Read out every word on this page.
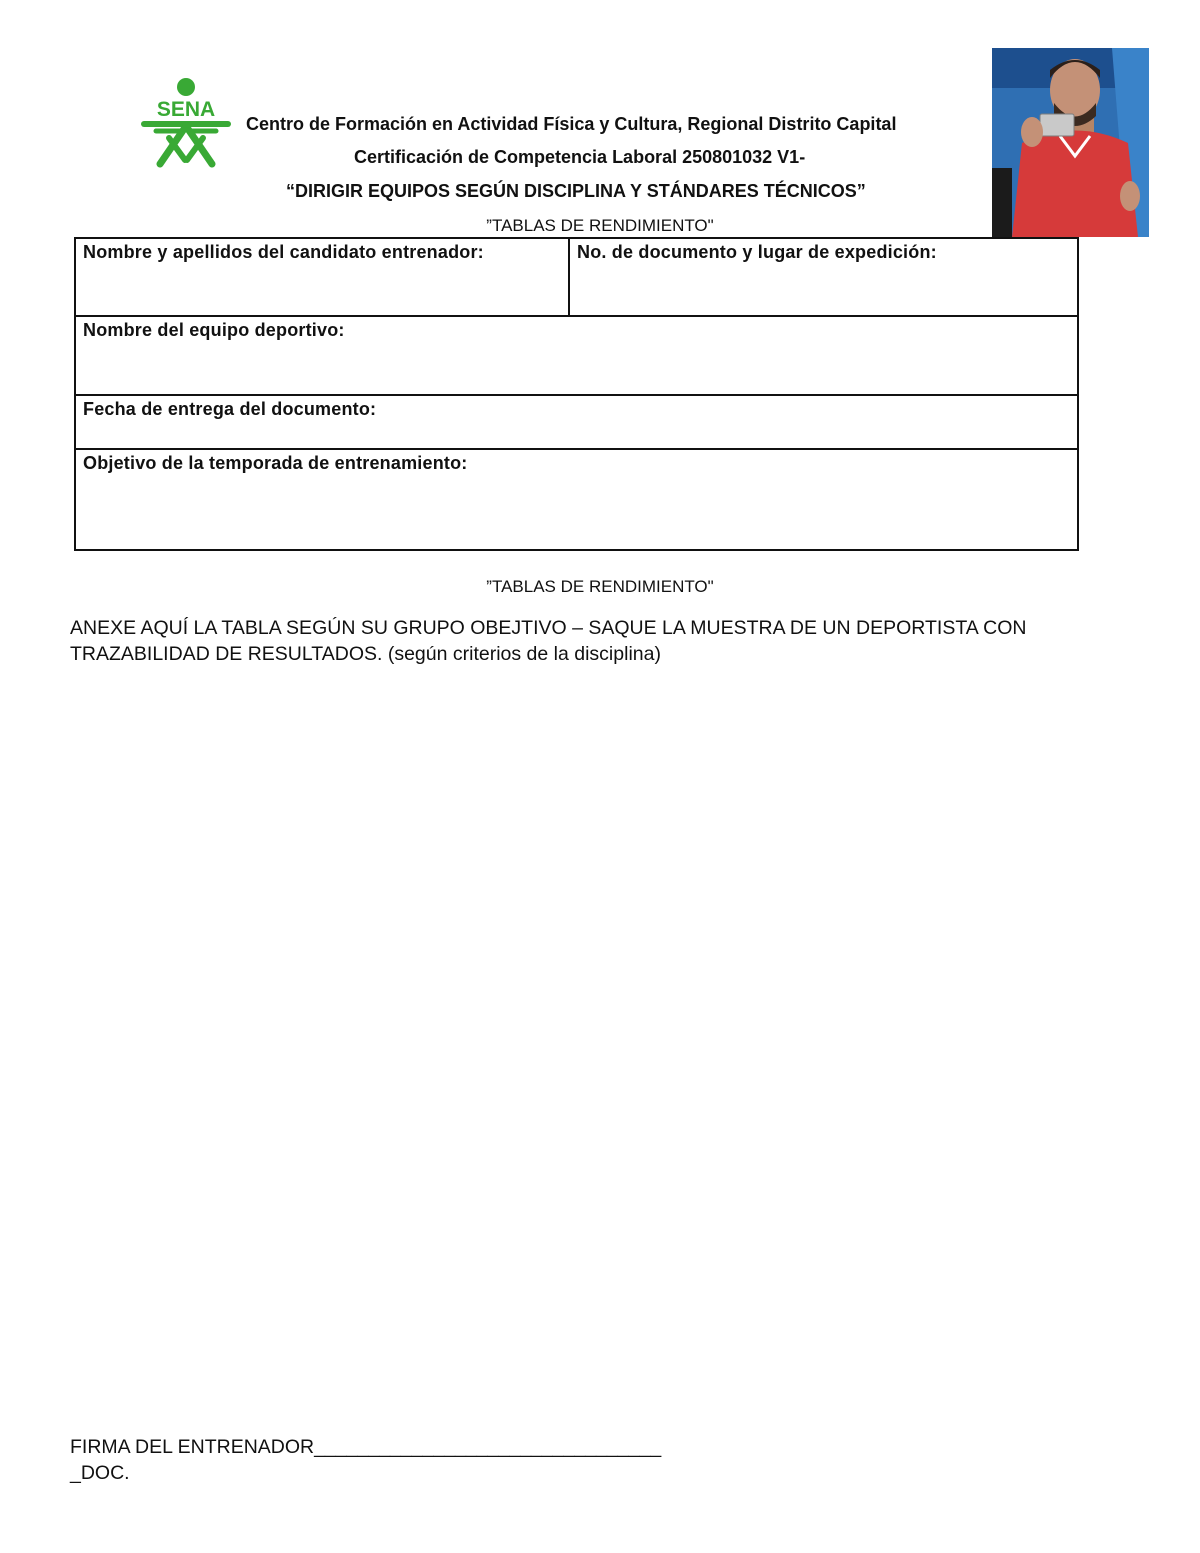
SENA
Centro de Formación en Actividad Física y Cultura, Regional Distrito Capital
Certificación de Competencia Laboral 250801032 V1-
“DIRIGIR EQUIPOS SEGÚN DISCIPLINA Y STÁNDARES TÉCNICOS”
”TABLAS DE RENDIMIENTO"
Nombre y apellidos del candidato entrenador:	No. de documento y lugar de expedición:
Nombre del equipo deportivo:
Fecha de entrega del documento:
Objetivo de la temporada de entrenamiento:
”TABLAS DE RENDIMIENTO"
ANEXE AQUÍ LA TABLA SEGÚN SU GRUPO OBEJTIVO – SAQUE LA MUESTRA DE UN DEPORTISTA CON TRAZABILIDAD DE RESULTADOS. (según criterios de la disciplina)
FIRMA DEL ENTRENADOR________________________________
_DOC.
